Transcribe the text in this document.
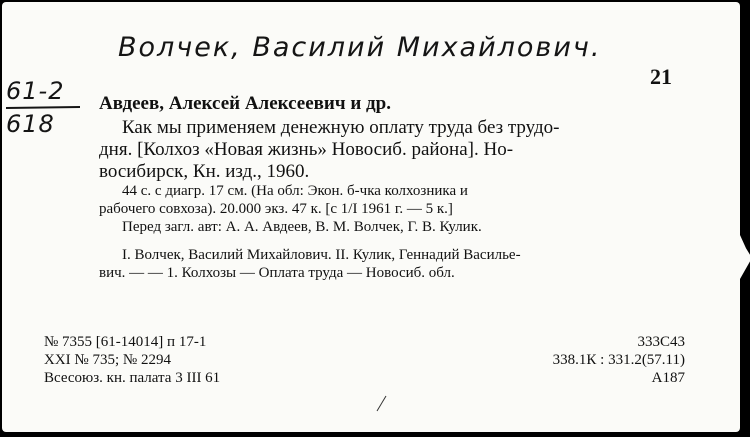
Волчек, Василий Михайлович.
61-2
618
21
Авдеев, Алексей Алексеевич и др.
Как мы применяем денежную оплату труда без трудо-
дня. [Колхоз «Новая жизнь» Новосиб. района]. Но-
восибирск, Кн. изд., 1960.
44 с. с диагр. 17 см. (На обл: Экон. б-чка колхозника и
рабочего совхоза). 20.000 экз. 47 к. [с 1/I 1961 г. — 5 к.]
Перед загл. авт: А. А. Авдеев, В. М. Волчек, Г. В. Кулик.
I. Волчек, Василий Михайлович. II. Кулик, Геннадий Васильe-
вич. — — 1. Колхозы — Оплата труда — Новосиб. обл.
№ 7355 [61-14014] п 17-1
XXI № 735; № 2294
Всесоюз. кн. палата 3 III 61
333C43
338.1К : 331.2(57.11)
А187
